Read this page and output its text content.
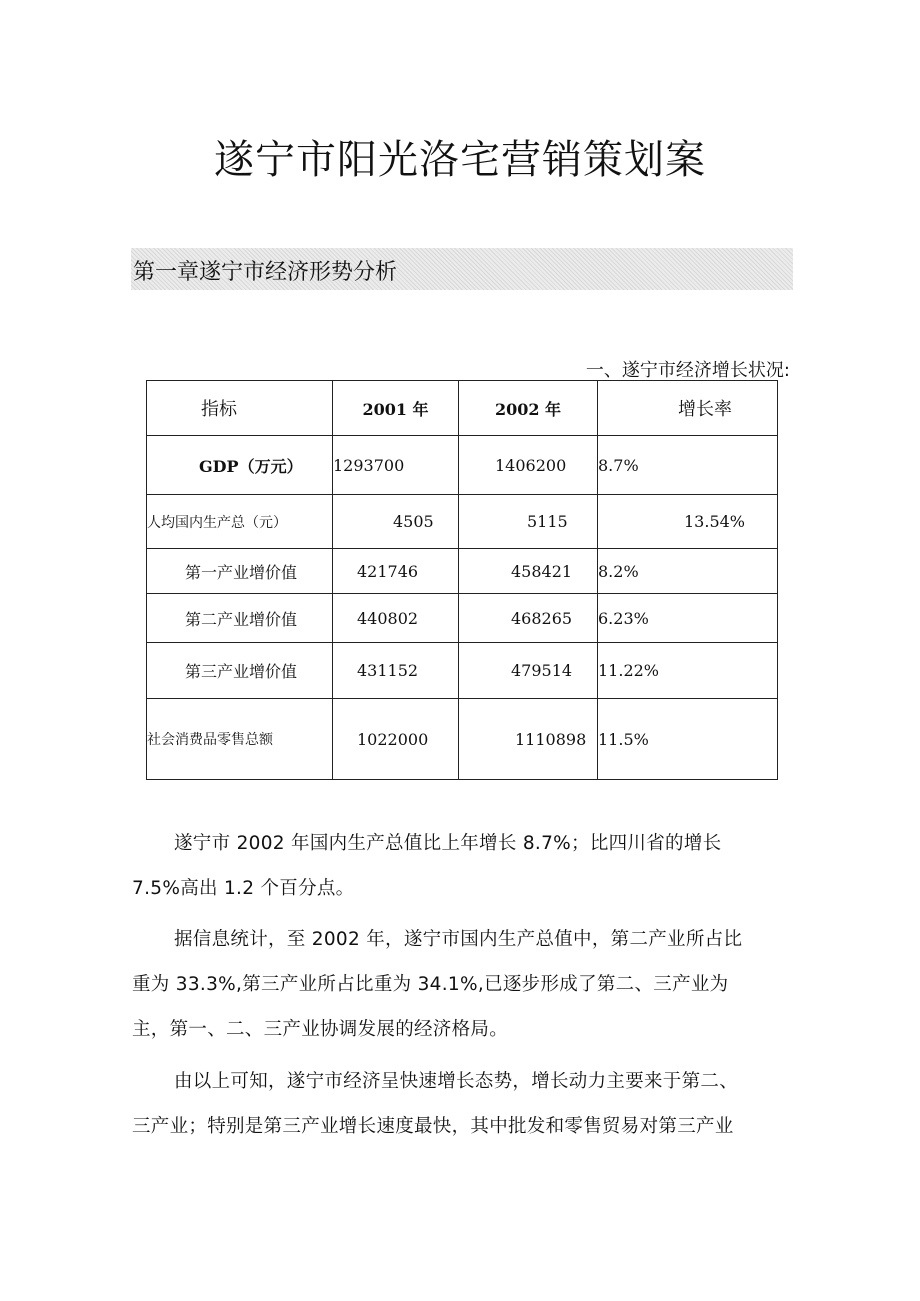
遂宁市阳光洛宅营销策划案
第一章遂宁市经济形势分析
一、遂宁市经济增长状况:
指标	2001 年	2002 年	增长率
GDP（万元）	1293700	1406200	8.7%
人均国内生产总（元）	4505	5115	13.54%
第一产业增价值	421746	458421	8.2%
第二产业增价值	440802	468265	6.23%
第三产业增价值	431152	479514	11.22%
社会消费品零售总额	1022000	1110898	11.5%

遂宁市 2002 年国内生产总值比上年增长 8.7%；比四川省的增长

7.5%高出 1.2 个百分点。

据信息统计，至 2002 年，遂宁市国内生产总值中，第二产业所占比

重为 33.3%,第三产业所占比重为 34.1%,已逐步形成了第二、三产业为

主，第一、二、三产业协调发展的经济格局。

由以上可知，遂宁市经济呈快速增长态势，增长动力主要来于第二、

三产业；特别是第三产业增长速度最快，其中批发和零售贸易对第三产业
